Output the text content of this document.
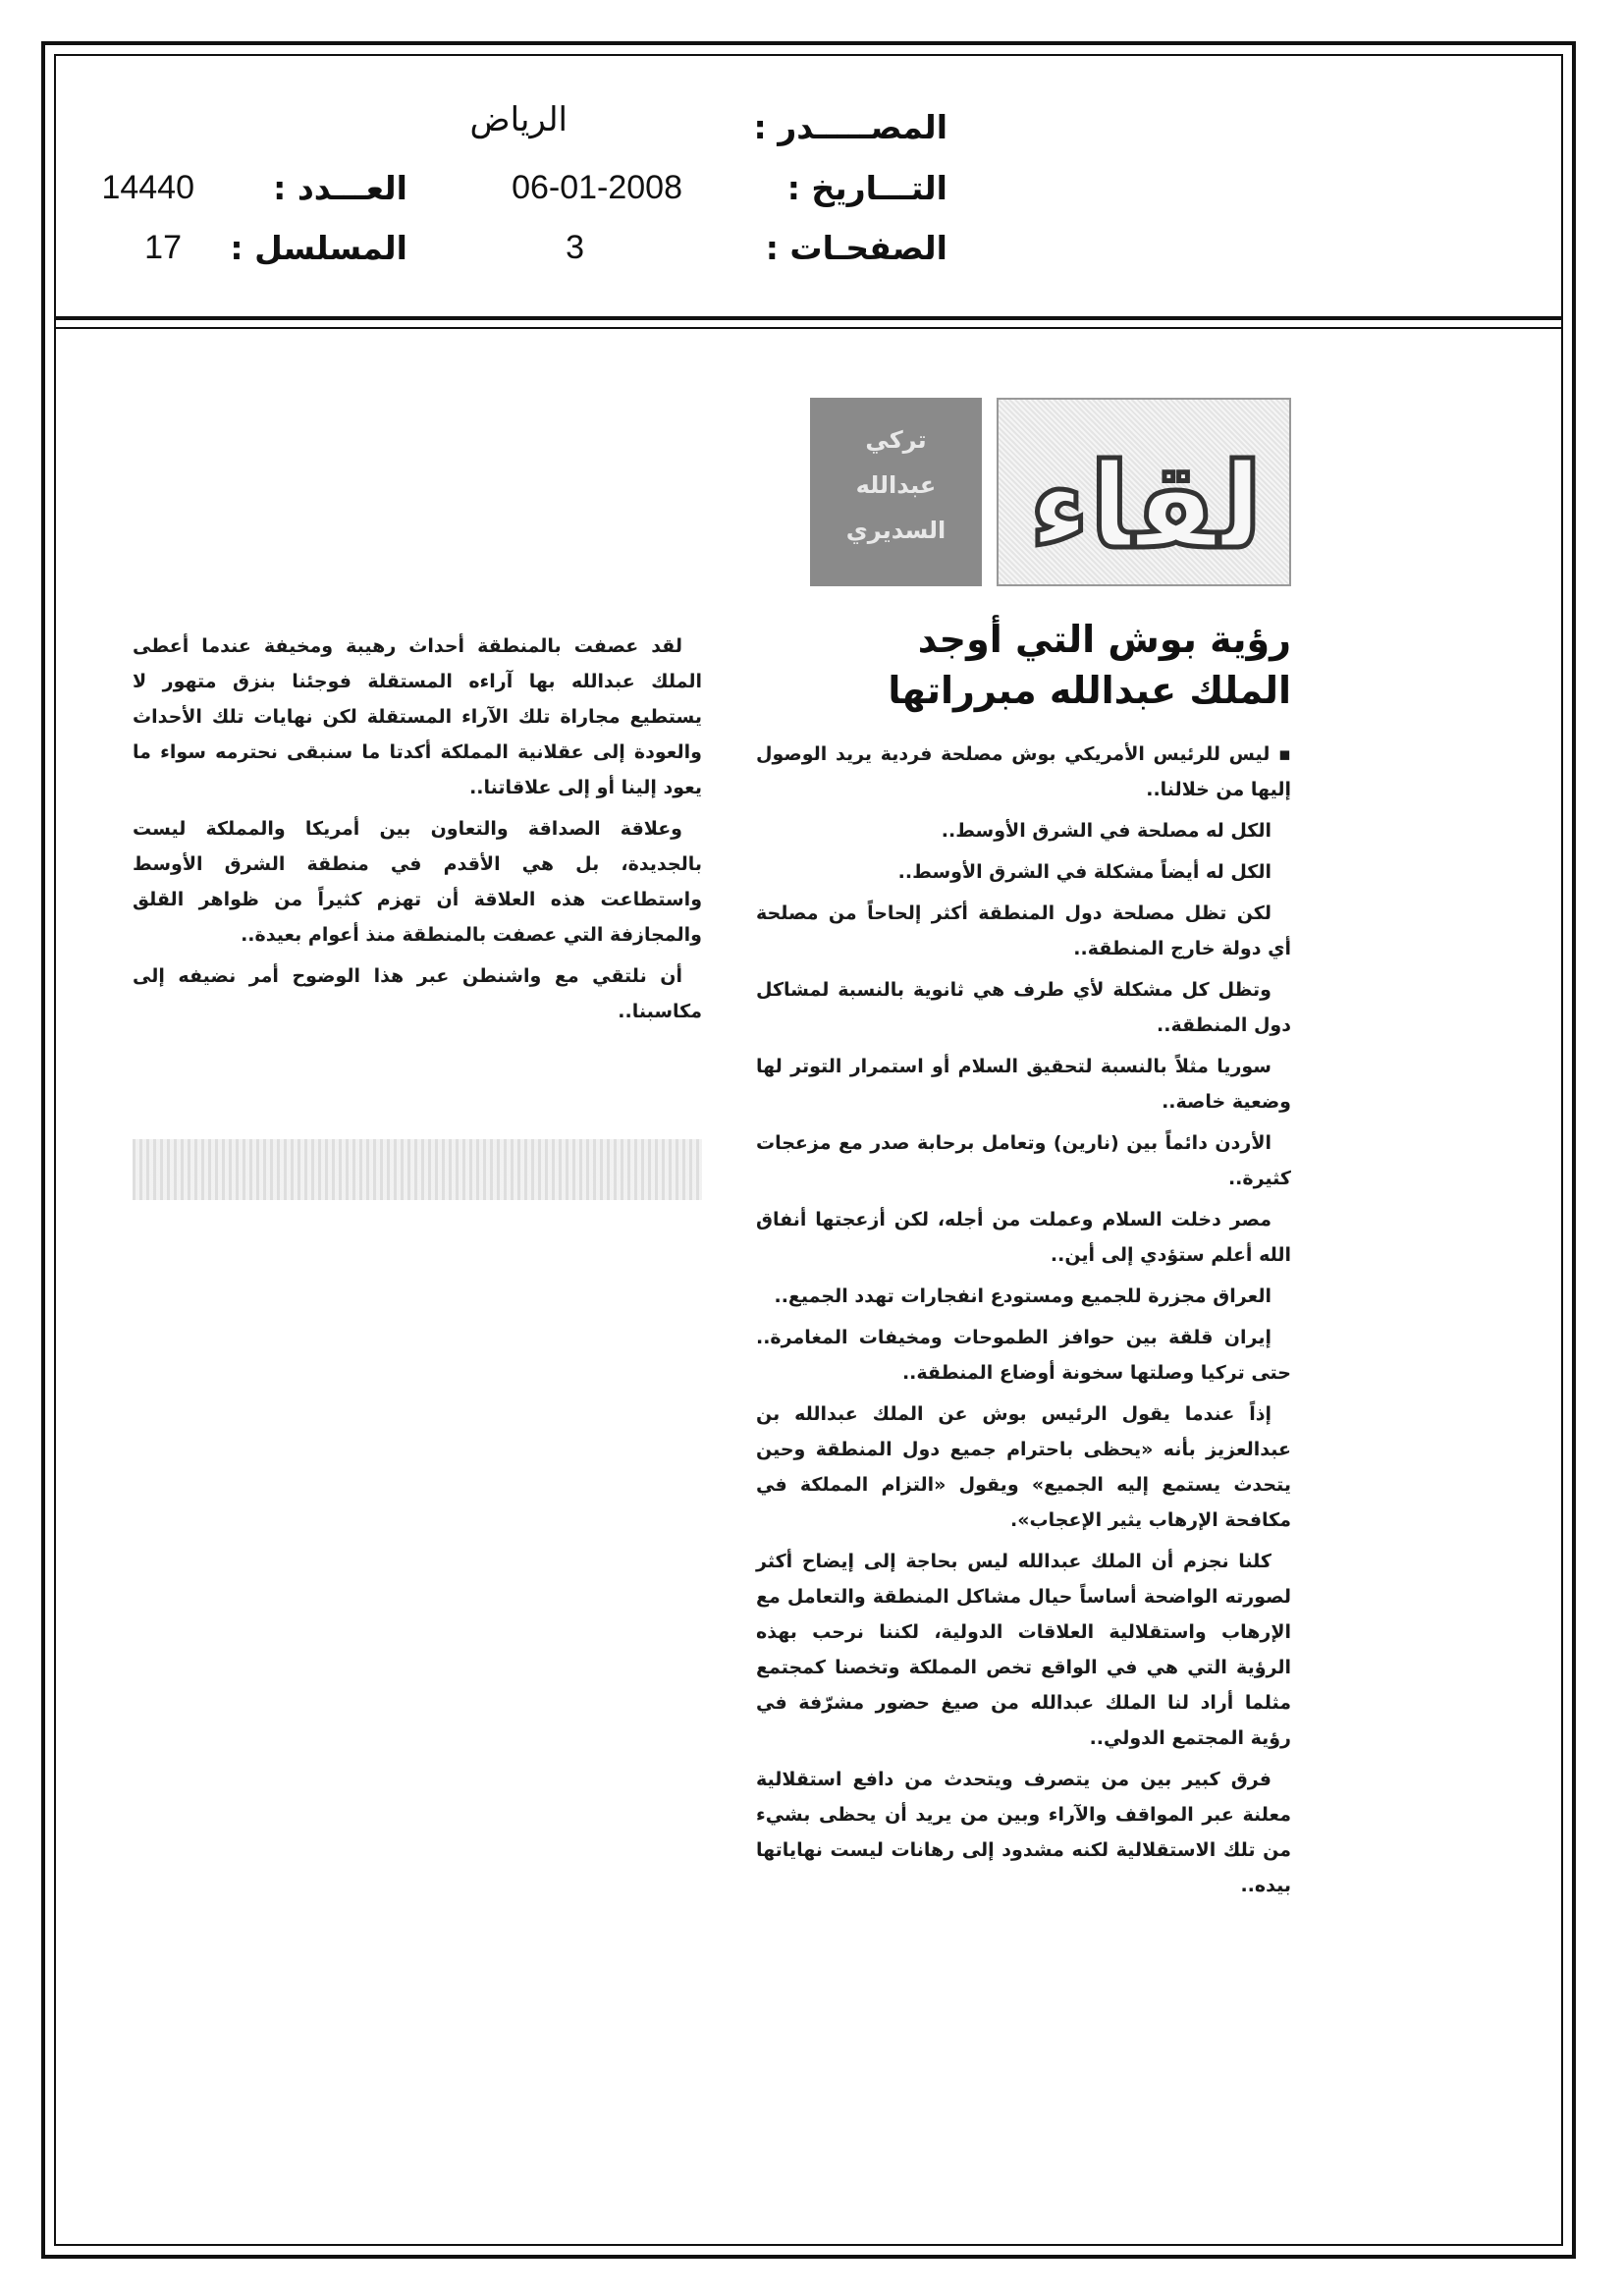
المصـــــدر :
الرياض
التـــاريخ :
06-01-2008
العـــدد :
14440
الصفحـات :
3
المسلسل :
17
لقاء
تركي
عبدالله
السديري
رؤية بوش التي أوجد الملك عبدالله مبرراتها

▪ ليس للرئيس الأمريكي بوش مصلحة فردية يريد الوصول إليها من خلالنا..

الكل له مصلحة في الشرق الأوسط..

الكل له أيضاً مشكلة في الشرق الأوسط..

لكن تظل مصلحة دول المنطقة أكثر إلحاحاً من مصلحة أي دولة خارج المنطقة..

وتظل كل مشكلة لأي طرف هي ثانوية بالنسبة لمشاكل دول المنطقة..

سوريا مثلاً بالنسبة لتحقيق السلام أو استمرار التوتر لها وضعية خاصة..

الأردن دائماً بين (نارين) وتعامل برحابة صدر مع مزعجات كثيرة..

مصر دخلت السلام وعملت من أجله، لكن أزعجتها أنفاق الله أعلم ستؤدي إلى أين..

العراق مجزرة للجميع ومستودع انفجارات تهدد الجميع..

إيران قلقة بين حوافز الطموحات ومخيفات المغامرة.. حتى تركيا وصلتها سخونة أوضاع المنطقة..

إذاً عندما يقول الرئيس بوش عن الملك عبدالله بن عبدالعزيز بأنه «يحظى باحترام جميع دول المنطقة وحين يتحدث يستمع إليه الجميع» ويقول «التزام المملكة في مكافحة الإرهاب يثير الإعجاب».

كلنا نجزم أن الملك عبدالله ليس بحاجة إلى إيضاح أكثر لصورته الواضحة أساساً حيال مشاكل المنطقة والتعامل مع الإرهاب واستقلالية العلاقات الدولية، لكننا نرحب بهذه الرؤية التي هي في الواقع تخص المملكة وتخصنا كمجتمع مثلما أراد لنا الملك عبدالله من صيغ حضور مشرّفة في رؤية المجتمع الدولي..

فرق كبير بين من يتصرف ويتحدث من دافع استقلالية معلنة عبر المواقف والآراء وبين من يريد أن يحظى بشيء من تلك الاستقلالية لكنه مشدود إلى رهانات ليست نهاياتها بيده..

لقد عصفت بالمنطقة أحداث رهيبة ومخيفة عندما أعطى الملك عبدالله بها آراءه المستقلة فوجئنا بنزق متهور لا يستطيع مجاراة تلك الآراء المستقلة لكن نهايات تلك الأحداث والعودة إلى عقلانية المملكة أكدتا ما سنبقى نحترمه سواء ما يعود إلينا أو إلى علاقاتنا..

وعلاقة الصداقة والتعاون بين أمريكا والمملكة ليست بالجديدة، بل هي الأقدم في منطقة الشرق الأوسط واستطاعت هذه العلاقة أن تهزم كثيراً من ظواهر القلق والمجازفة التي عصفت بالمنطقة منذ أعوام بعيدة..

أن نلتقي مع واشنطن عبر هذا الوضوح أمر نضيفه إلى مكاسبنا..
